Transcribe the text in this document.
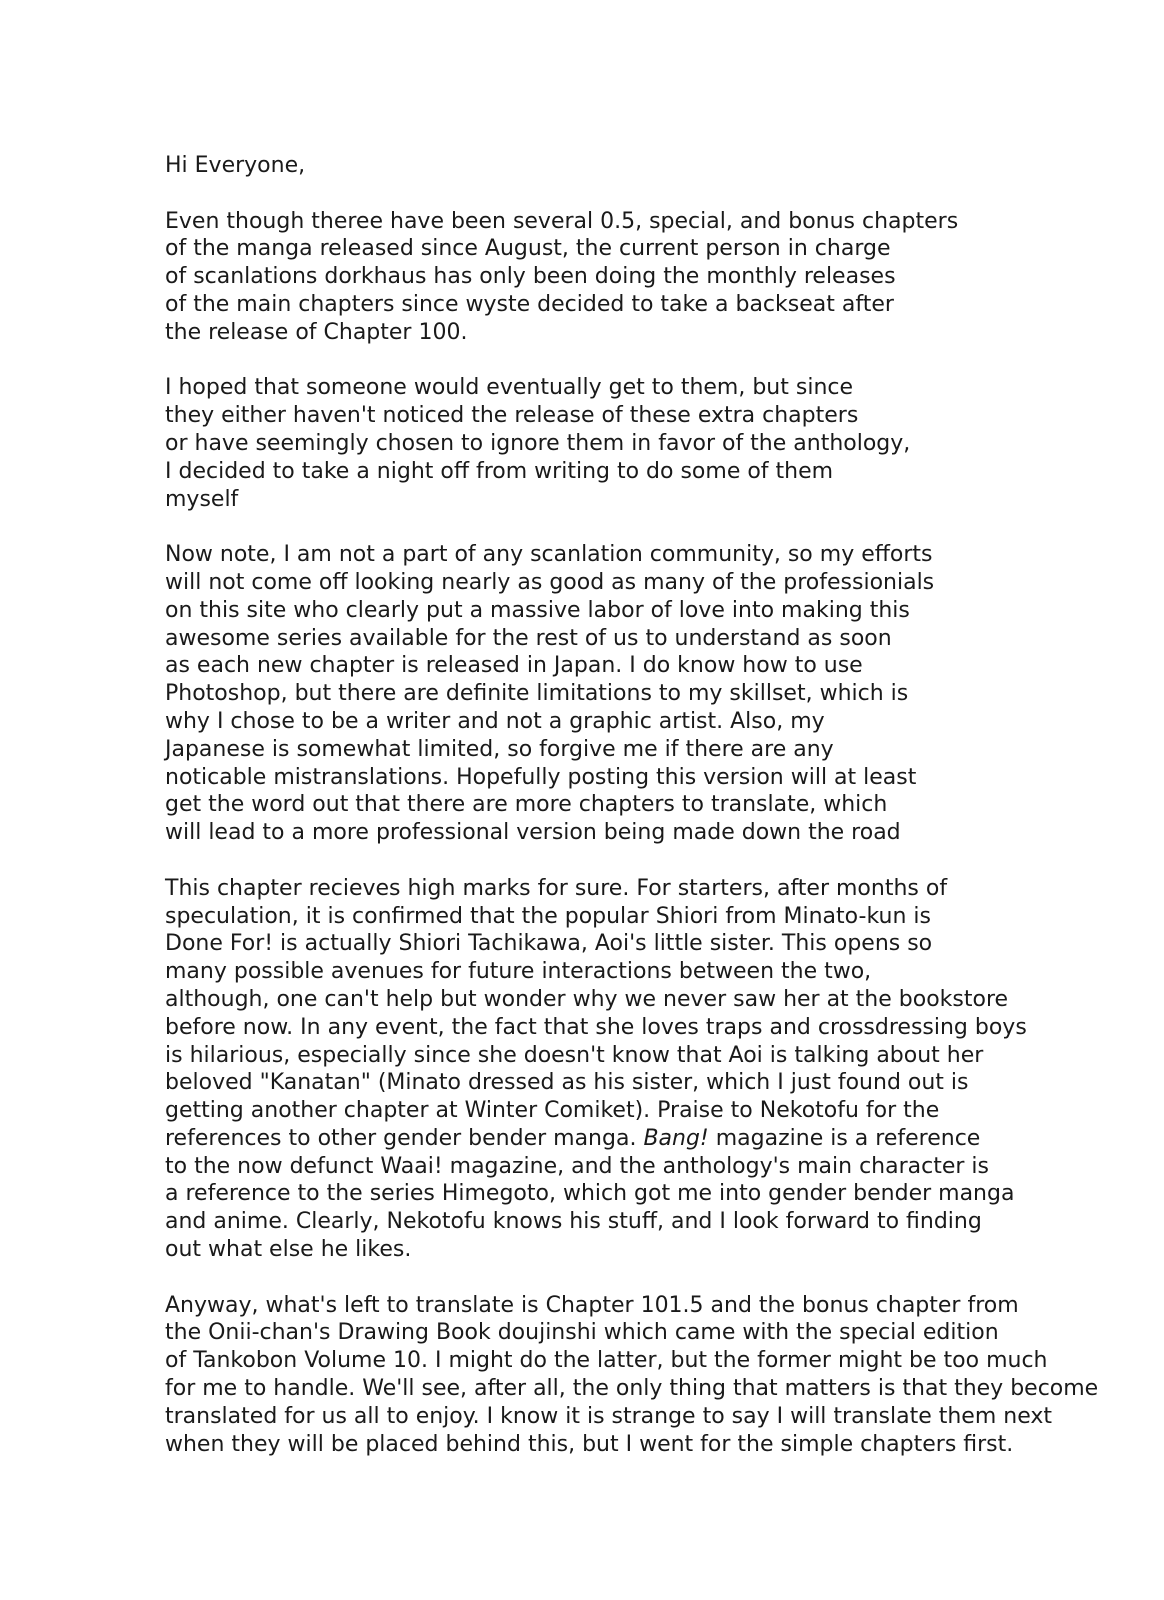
Hi Everyone,

Even though theree have been several 0.5, special, and bonus chapters
of the manga released since August, the current person in charge
of scanlations dorkhaus has only been doing the monthly releases
of the main chapters since wyste decided to take a backseat after
the release of Chapter 100.

I hoped that someone would eventually get to them, but since
they either haven't noticed the release of these extra chapters
or have seemingly chosen to ignore them in favor of the anthology,
I decided to take a night off from writing to do some of them
myself

Now note, I am not a part of any scanlation community, so my efforts
will not come off looking nearly as good as many of the professionials
on this site who clearly put a massive labor of love into making this
awesome series available for the rest of us to understand as soon
as each new chapter is released in Japan. I do know how to use
Photoshop, but there are definite limitations to my skillset, which is
why I chose to be a writer and not a graphic artist. Also, my
Japanese is somewhat limited, so forgive me if there are any
noticable mistranslations. Hopefully posting this version will at least
get the word out that there are more chapters to translate, which
will lead to a more professional version being made down the road

This chapter recieves high marks for sure. For starters, after months of
speculation, it is confirmed that the popular Shiori from Minato-kun is
Done For! is actually Shiori Tachikawa, Aoi's little sister. This opens so
many possible avenues for future interactions between the two,
although, one can't help but wonder why we never saw her at the bookstore
before now. In any event, the fact that she loves traps and crossdressing boys
is hilarious, especially since she doesn't know that Aoi is talking about her
beloved "Kanatan" (Minato dressed as his sister, which I just found out is
getting another chapter at Winter Comiket). Praise to Nekotofu for the
references to other gender bender manga. Bang! magazine is a reference
to the now defunct Waai! magazine, and the anthology's main character is
a reference to the series Himegoto, which got me into gender bender manga
and anime. Clearly, Nekotofu knows his stuff, and I look forward to finding
out what else he likes.

Anyway, what's left to translate is Chapter 101.5 and the bonus chapter from
the Onii-chan's Drawing Book doujinshi which came with the special edition
of Tankobon Volume 10. I might do the latter, but the former might be too much
for me to handle. We'll see, after all, the only thing that matters is that they become
translated for us all to enjoy. I know it is strange to say I will translate them next
when they will be placed behind this, but I went for the simple chapters first.
